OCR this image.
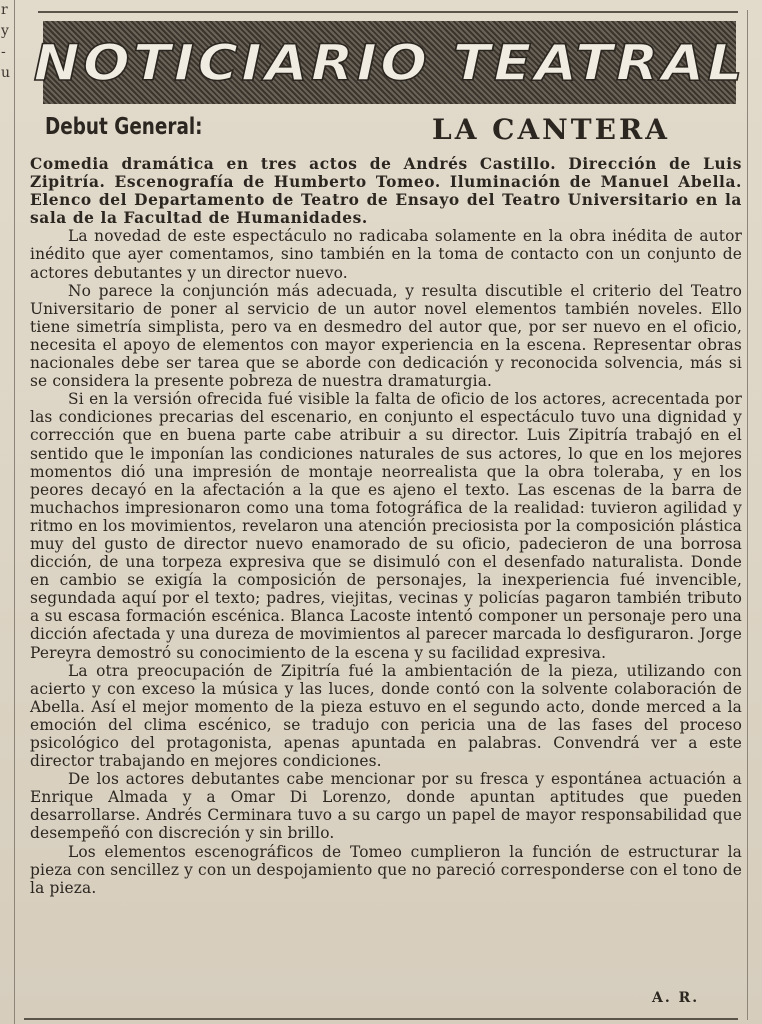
r
y
-
u NOTICIARIO TEATRAL
Debut General:	LA CANTERA

Comedia dramática en tres actos de Andrés Castillo. Dirección de Luis Zipitría. Escenografía de Humberto Tomeo. Iluminación de Manuel Abella. Elenco del Departamento de Teatro de Ensayo del Teatro Universitario en la sala de la Facultad de Humanidades.

La novedad de este espectáculo no radicaba solamente en la obra inédita de autor inédito que ayer comentamos, sino también en la toma de contacto con un conjunto de actores debutantes y un director nuevo.

No parece la conjunción más adecuada, y resulta discutible el criterio del Teatro Universitario de poner al servicio de un autor novel elementos también noveles. Ello tiene simetría simplista, pero va en desmedro del autor que, por ser nuevo en el oficio, necesita el apoyo de elementos con mayor experiencia en la escena. Representar obras nacionales debe ser tarea que se aborde con dedicación y reconocida solvencia, más si se considera la presente pobreza de nuestra dramaturgia.

Si en la versión ofrecida fué visible la falta de oficio de los actores, acrecentada por las condiciones precarias del escenario, en conjunto el espectáculo tuvo una dignidad y corrección que en buena parte cabe atribuir a su director. Luis Zipitría trabajó en el sentido que le imponían las condiciones naturales de sus actores, lo que en los mejores momentos dió una impresión de montaje neorrealista que la obra toleraba, y en los peores decayó en la afectación a la que es ajeno el texto. Las escenas de la barra de muchachos impresionaron como una toma fotográfica de la realidad: tuvieron agilidad y ritmo en los movimientos, revelaron una atención preciosista por la composición plástica muy del gusto de director nuevo enamorado de su oficio, padecieron de una borrosa dicción, de una torpeza expresiva que se disimuló con el desenfado naturalista. Donde en cambio se exigía la composición de personajes, la inexperiencia fué invencible, segundada aquí por el texto; padres, viejitas, vecinas y policías pagaron también tributo a su escasa formación escénica. Blanca Lacoste intentó componer un personaje pero una dicción afectada y una dureza de movimientos al parecer marcada lo desfiguraron. Jorge Pereyra demostró su conocimiento de la escena y su facilidad expresiva.

La otra preocupación de Zipitría fué la ambientación de la pieza, utilizando con acierto y con exceso la música y las luces, donde contó con la solvente colaboración de Abella. Así el mejor momento de la pieza estuvo en el segundo acto, donde merced a la emoción del clima escénico, se tradujo con pericia una de las fases del proceso psicológico del protagonista, apenas apuntada en palabras. Convendrá ver a este director trabajando en mejores condiciones.

De los actores debutantes cabe mencionar por su fresca y espontánea actuación a Enrique Almada y a Omar Di Lorenzo, donde apuntan aptitudes que pueden desarrollarse. Andrés Cerminara tuvo a su cargo un papel de mayor responsabilidad que desempeñó con discreción y sin brillo.

Los elementos escenográficos de Tomeo cumplieron la función de estructurar la pieza con sencillez y con un despojamiento que no pareció corresponderse con el tono de la pieza.

A. R.
